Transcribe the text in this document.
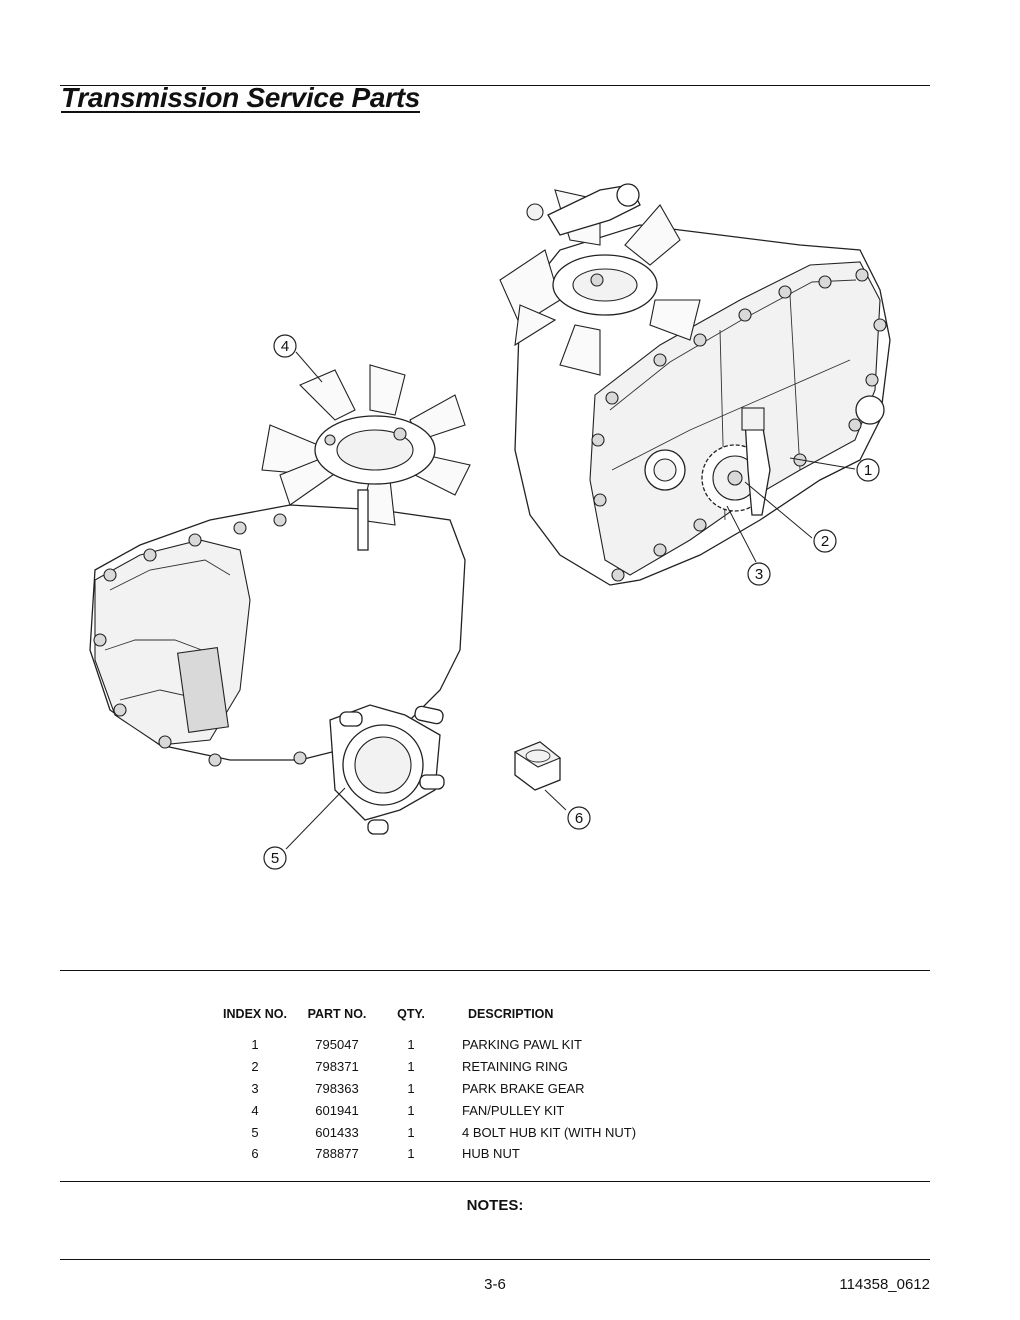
Transmission Service Parts
4
1
2
3
6
5
INDEX NO.	PART NO.	QTY.	DESCRIPTION
1	795047	1	PARKING PAWL KIT
2	798371	1	RETAINING RING
3	798363	1	PARK BRAKE GEAR
4	601941	1	FAN/PULLEY KIT
5	601433	1	4 BOLT HUB KIT (WITH NUT)
6	788877	1	HUB NUT
NOTES:
3-6	114358_0612
